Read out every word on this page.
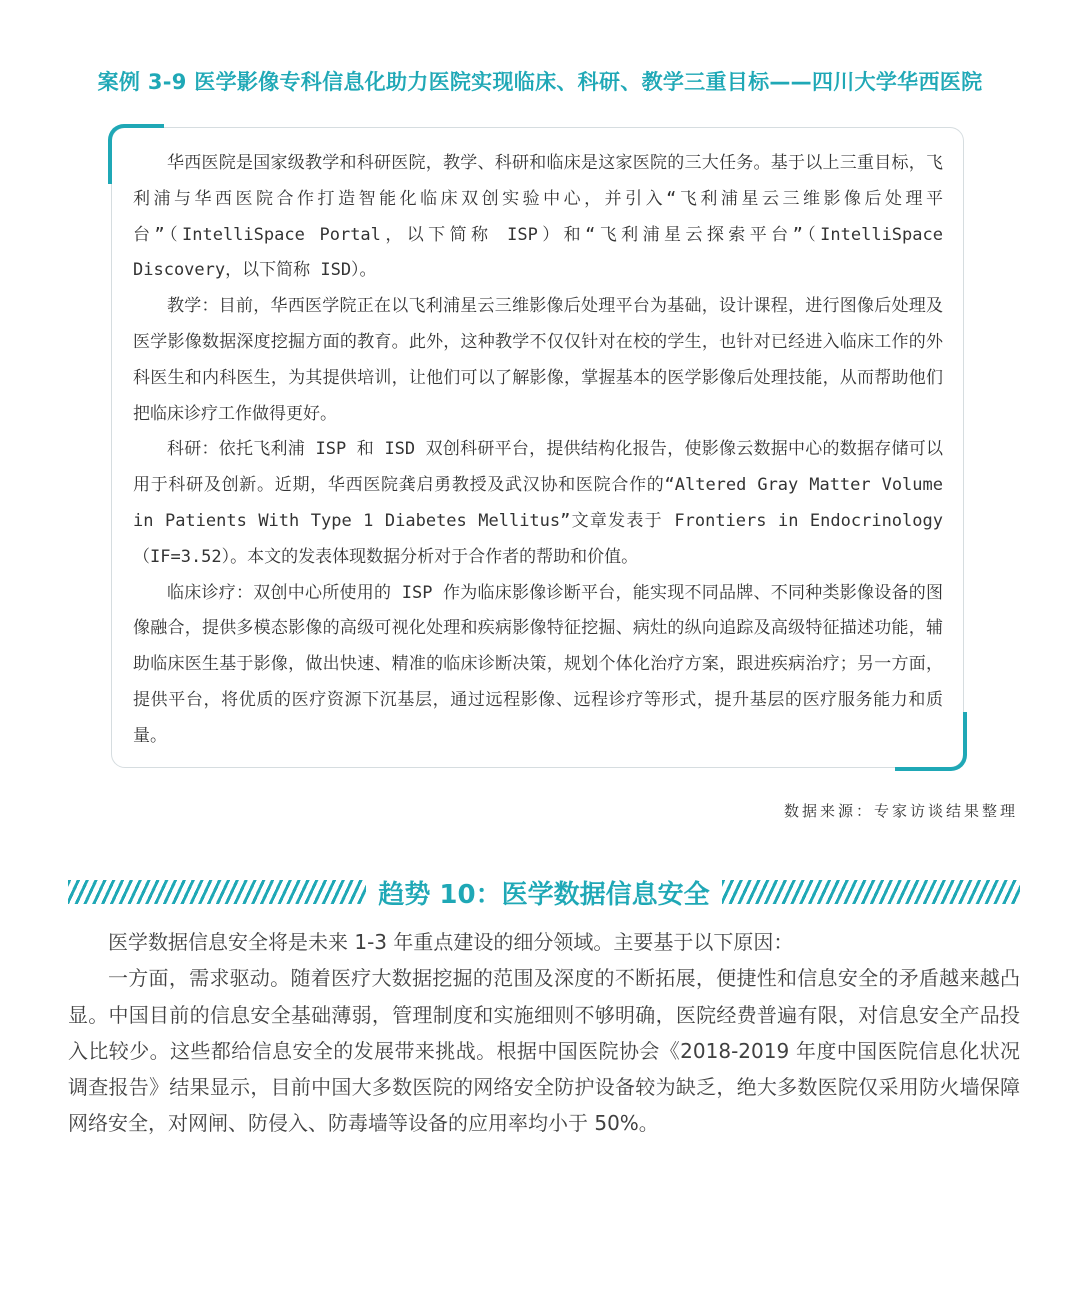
案例 3-9 医学影像专科信息化助力医院实现临床、科研、教学三重目标——四川大学华西医院

华西医院是国家级教学和科研医院，教学、科研和临床是这家医院的三大任务。基于以上三重目标，飞利浦与华西医院合作打造智能化临床双创实验中心，并引入“飞利浦星云三维影像后处理平台”（IntelliSpace Portal，以下简称 ISP）和“飞利浦星云探索平台”（IntelliSpace Discovery，以下简称 ISD）。

教学：目前，华西医学院正在以飞利浦星云三维影像后处理平台为基础，设计课程，进行图像后处理及医学影像数据深度挖掘方面的教育。此外，这种教学不仅仅针对在校的学生，也针对已经进入临床工作的外科医生和内科医生，为其提供培训，让他们可以了解影像，掌握基本的医学影像后处理技能，从而帮助他们把临床诊疗工作做得更好。

科研：依托飞利浦 ISP 和 ISD 双创科研平台，提供结构化报告，使影像云数据中心的数据存储可以用于科研及创新。近期，华西医院龚启勇教授及武汉协和医院合作的“Altered Gray Matter Volume in Patients With Type 1 Diabetes Mellitus”文章发表于 Frontiers in Endocrinology（IF=3.52）。本文的发表体现数据分析对于合作者的帮助和价值。

临床诊疗：双创中心所使用的 ISP 作为临床影像诊断平台，能实现不同品牌、不同种类影像设备的图像融合，提供多模态影像的高级可视化处理和疾病影像特征挖掘、病灶的纵向追踪及高级特征描述功能，辅助临床医生基于影像，做出快速、精准的临床诊断决策，规划个体化治疗方案，跟进疾病治疗；另一方面，提供平台，将优质的医疗资源下沉基层，通过远程影像、远程诊疗等形式，提升基层的医疗服务能力和质量。

数据来源：专家访谈结果整理
趋势 10：医学数据信息安全

医学数据信息安全将是未来 1-3 年重点建设的细分领域。主要基于以下原因：

一方面，需求驱动。随着医疗大数据挖掘的范围及深度的不断拓展，便捷性和信息安全的矛盾越来越凸显。中国目前的信息安全基础薄弱，管理制度和实施细则不够明确，医院经费普遍有限，对信息安全产品投入比较少。这些都给信息安全的发展带来挑战。根据中国医院协会《2018-2019 年度中国医院信息化状况调查报告》结果显示，目前中国大多数医院的网络安全防护设备较为缺乏，绝大多数医院仅采用防火墙保障网络安全，对网闸、防侵入、防毒墙等设备的应用率均小于 50%。
